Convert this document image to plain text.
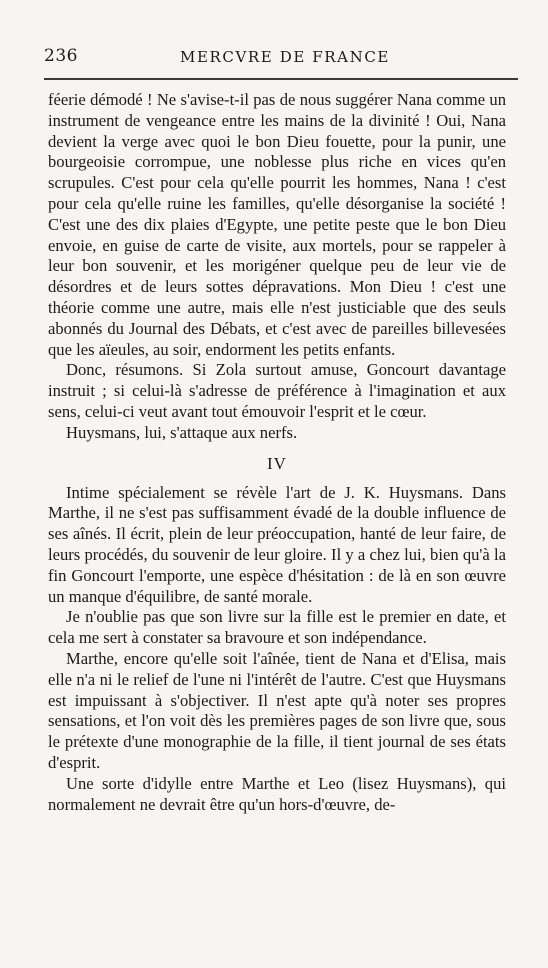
236	MERCVRE DE FRANCE

féerie démodé ! Ne s'avise-t-il pas de nous suggérer Nana comme un instrument de vengeance entre les mains de la divinité ! Oui, Nana devient la verge avec quoi le bon Dieu fouette, pour la punir, une bourgeoisie corrompue, une noblesse plus riche en vices qu'en scrupules. C'est pour cela qu'elle pourrit les hommes, Nana ! c'est pour cela qu'elle ruine les familles, qu'elle désorganise la société ! C'est une des dix plaies d'Egypte, une petite peste que le bon Dieu envoie, en guise de carte de visite, aux mortels, pour se rappeler à leur bon souvenir, et les morigéner quelque peu de leur vie de désordres et de leurs sottes dépravations. Mon Dieu ! c'est une théorie comme une autre, mais elle n'est justiciable que des seuls abonnés du Journal des Débats, et c'est avec de pareilles billevesées que les aïeules, au soir, endorment les petits enfants.

Donc, résumons. Si Zola surtout amuse, Goncourt davantage instruit ; si celui-là s'adresse de préférence à l'imagination et aux sens, celui-ci veut avant tout émouvoir l'esprit et le cœur.

Huysmans, lui, s'attaque aux nerfs.

IV

Intime spécialement se révèle l'art de J. K. Huysmans. Dans Marthe, il ne s'est pas suffisamment évadé de la double influence de ses aînés. Il écrit, plein de leur préoccupation, hanté de leur faire, de leurs procédés, du souvenir de leur gloire. Il y a chez lui, bien qu'à la fin Goncourt l'emporte, une espèce d'hésitation : de là en son œuvre un manque d'équilibre, de santé morale.

Je n'oublie pas que son livre sur la fille est le premier en date, et cela me sert à constater sa bravoure et son indépendance.

Marthe, encore qu'elle soit l'aînée, tient de Nana et d'Elisa, mais elle n'a ni le relief de l'une ni l'intérêt de l'autre. C'est que Huysmans est impuissant à s'objectiver. Il n'est apte qu'à noter ses propres sensations, et l'on voit dès les premières pages de son livre que, sous le prétexte d'une monographie de la fille, il tient journal de ses états d'esprit.

Une sorte d'idylle entre Marthe et Leo (lisez Huysmans), qui normalement ne devrait être qu'un hors-d'œuvre, de-
